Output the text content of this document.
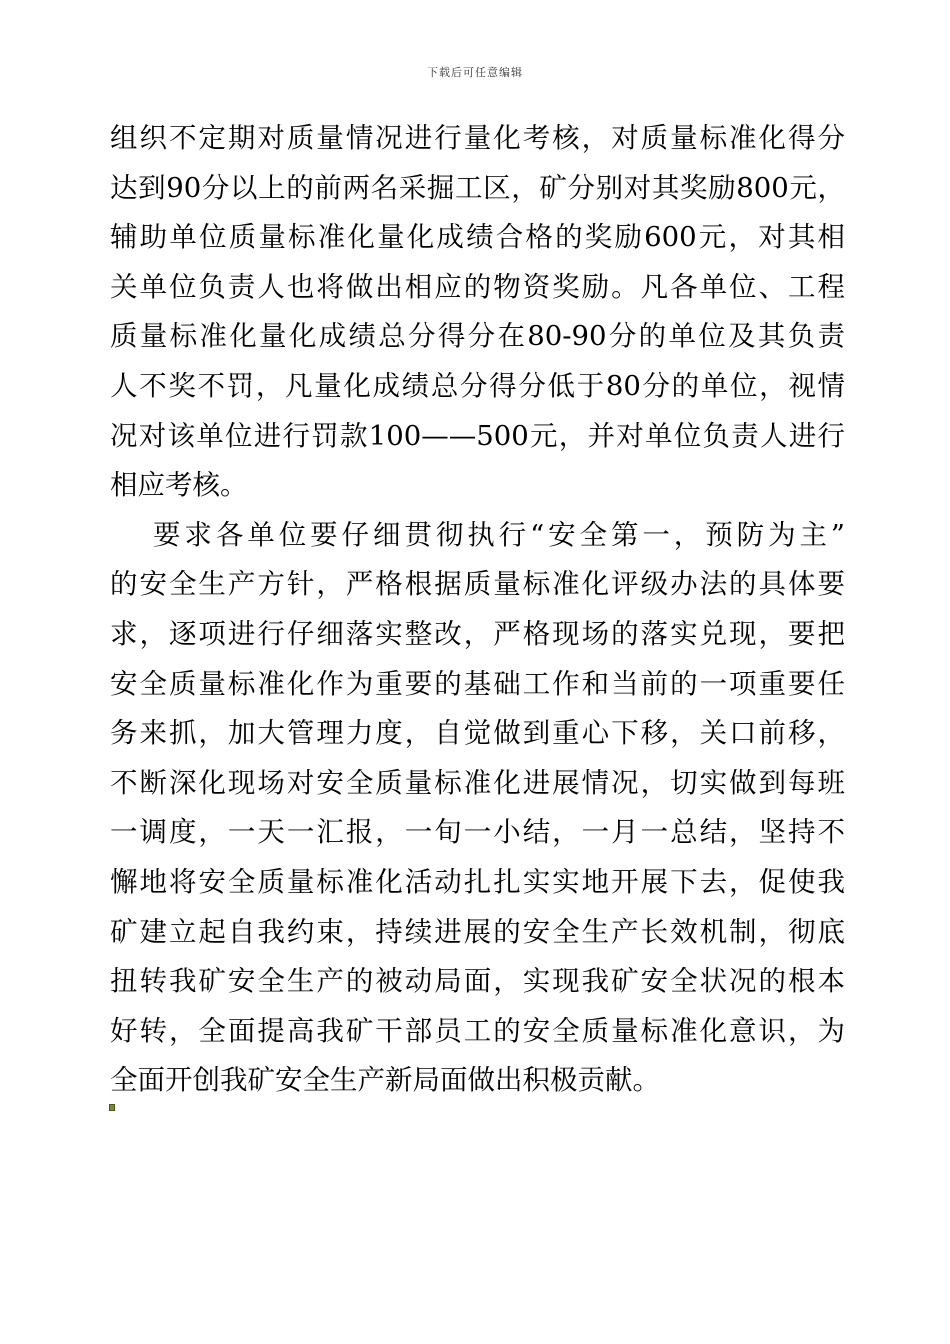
下载后可任意编辑
组织不定期对质量情况进行量化考核，对质量标准化得分
达到90分以上的前两名采掘工区，矿分别对其奖励800元，
辅助单位质量标准化量化成绩合格的奖励600元，对其相
关单位负责人也将做出相应的物资奖励。凡各单位、工程
质量标准化量化成绩总分得分在80-90分的单位及其负责
人不奖不罚，凡量化成绩总分得分低于80分的单位，视情
况对该单位进行罚款100——500元，并对单位负责人进行
相应考核。
要求各单位要仔细贯彻执行“安全第一，预防为主”
的安全生产方针，严格根据质量标准化评级办法的具体要
求，逐项进行仔细落实整改，严格现场的落实兑现，要把
安全质量标准化作为重要的基础工作和当前的一项重要任
务来抓，加大管理力度，自觉做到重心下移，关口前移，
不断深化现场对安全质量标准化进展情况，切实做到每班
一调度，一天一汇报，一旬一小结，一月一总结，坚持不
懈地将安全质量标准化活动扎扎实实地开展下去，促使我
矿建立起自我约束，持续进展的安全生产长效机制，彻底
扭转我矿安全生产的被动局面，实现我矿安全状况的根本
好转，全面提高我矿干部员工的安全质量标准化意识，为
全面开创我矿安全生产新局面做出积极贡献。
